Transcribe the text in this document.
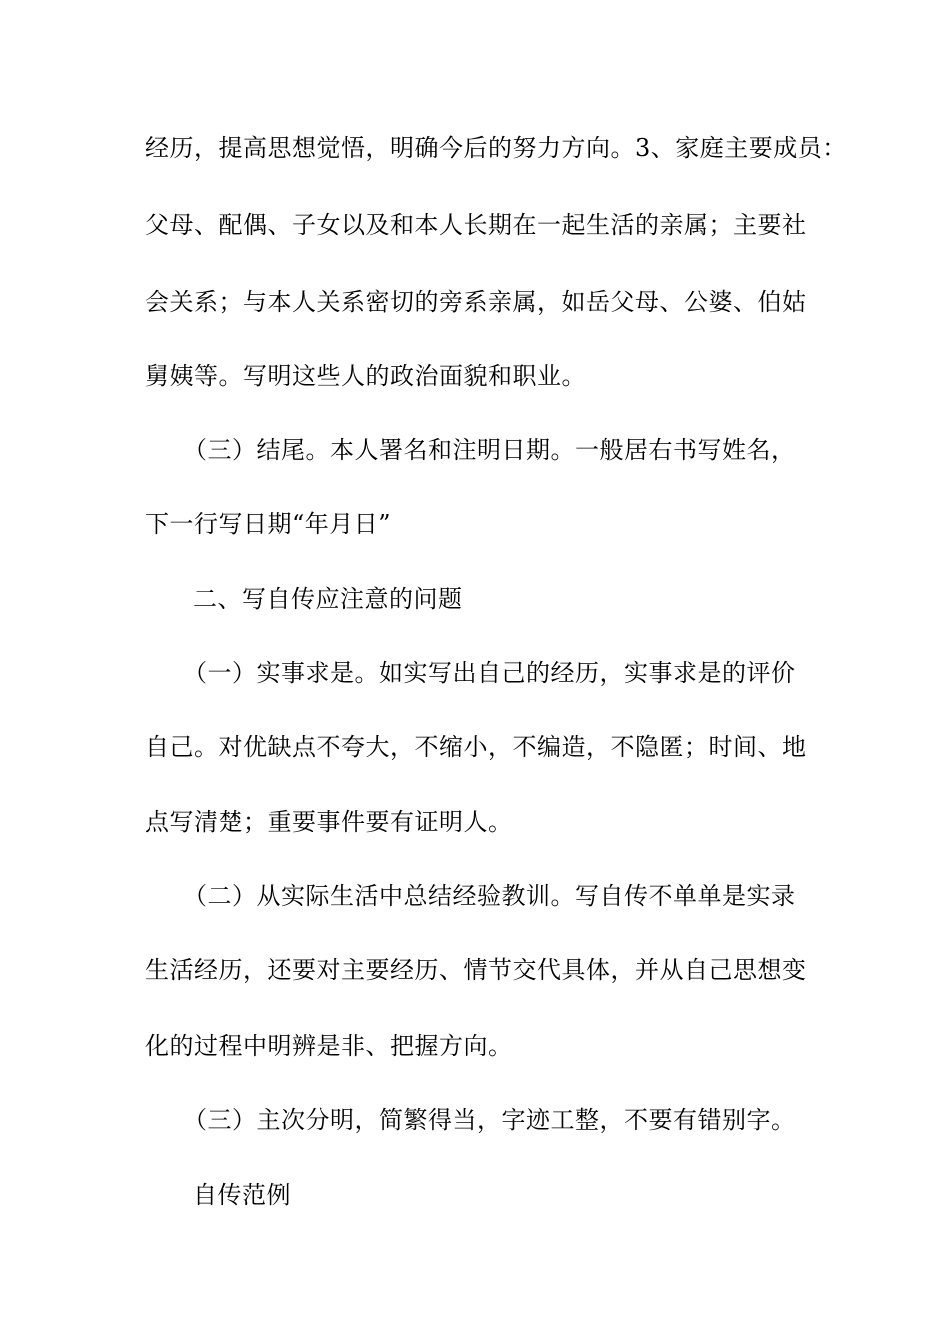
经历，提高思想觉悟，明确今后的努力方向。3、家庭主要成员：
父母、配偶、子女以及和本人长期在一起生活的亲属；主要社
会关系；与本人关系密切的旁系亲属，如岳父母、公婆、伯姑
舅姨等。写明这些人的政治面貌和职业。
（三）结尾。本人署名和注明日期。一般居右书写姓名，
下一行写日期“年月日”
二、写自传应注意的问题
（一）实事求是。如实写出自己的经历，实事求是的评价
自己。对优缺点不夸大，不缩小，不编造，不隐匿；时间、地
点写清楚；重要事件要有证明人。
（二）从实际生活中总结经验教训。写自传不单单是实录
生活经历，还要对主要经历、情节交代具体，并从自己思想变
化的过程中明辨是非、把握方向。
（三）主次分明，简繁得当，字迹工整，不要有错别字。
自传范例
